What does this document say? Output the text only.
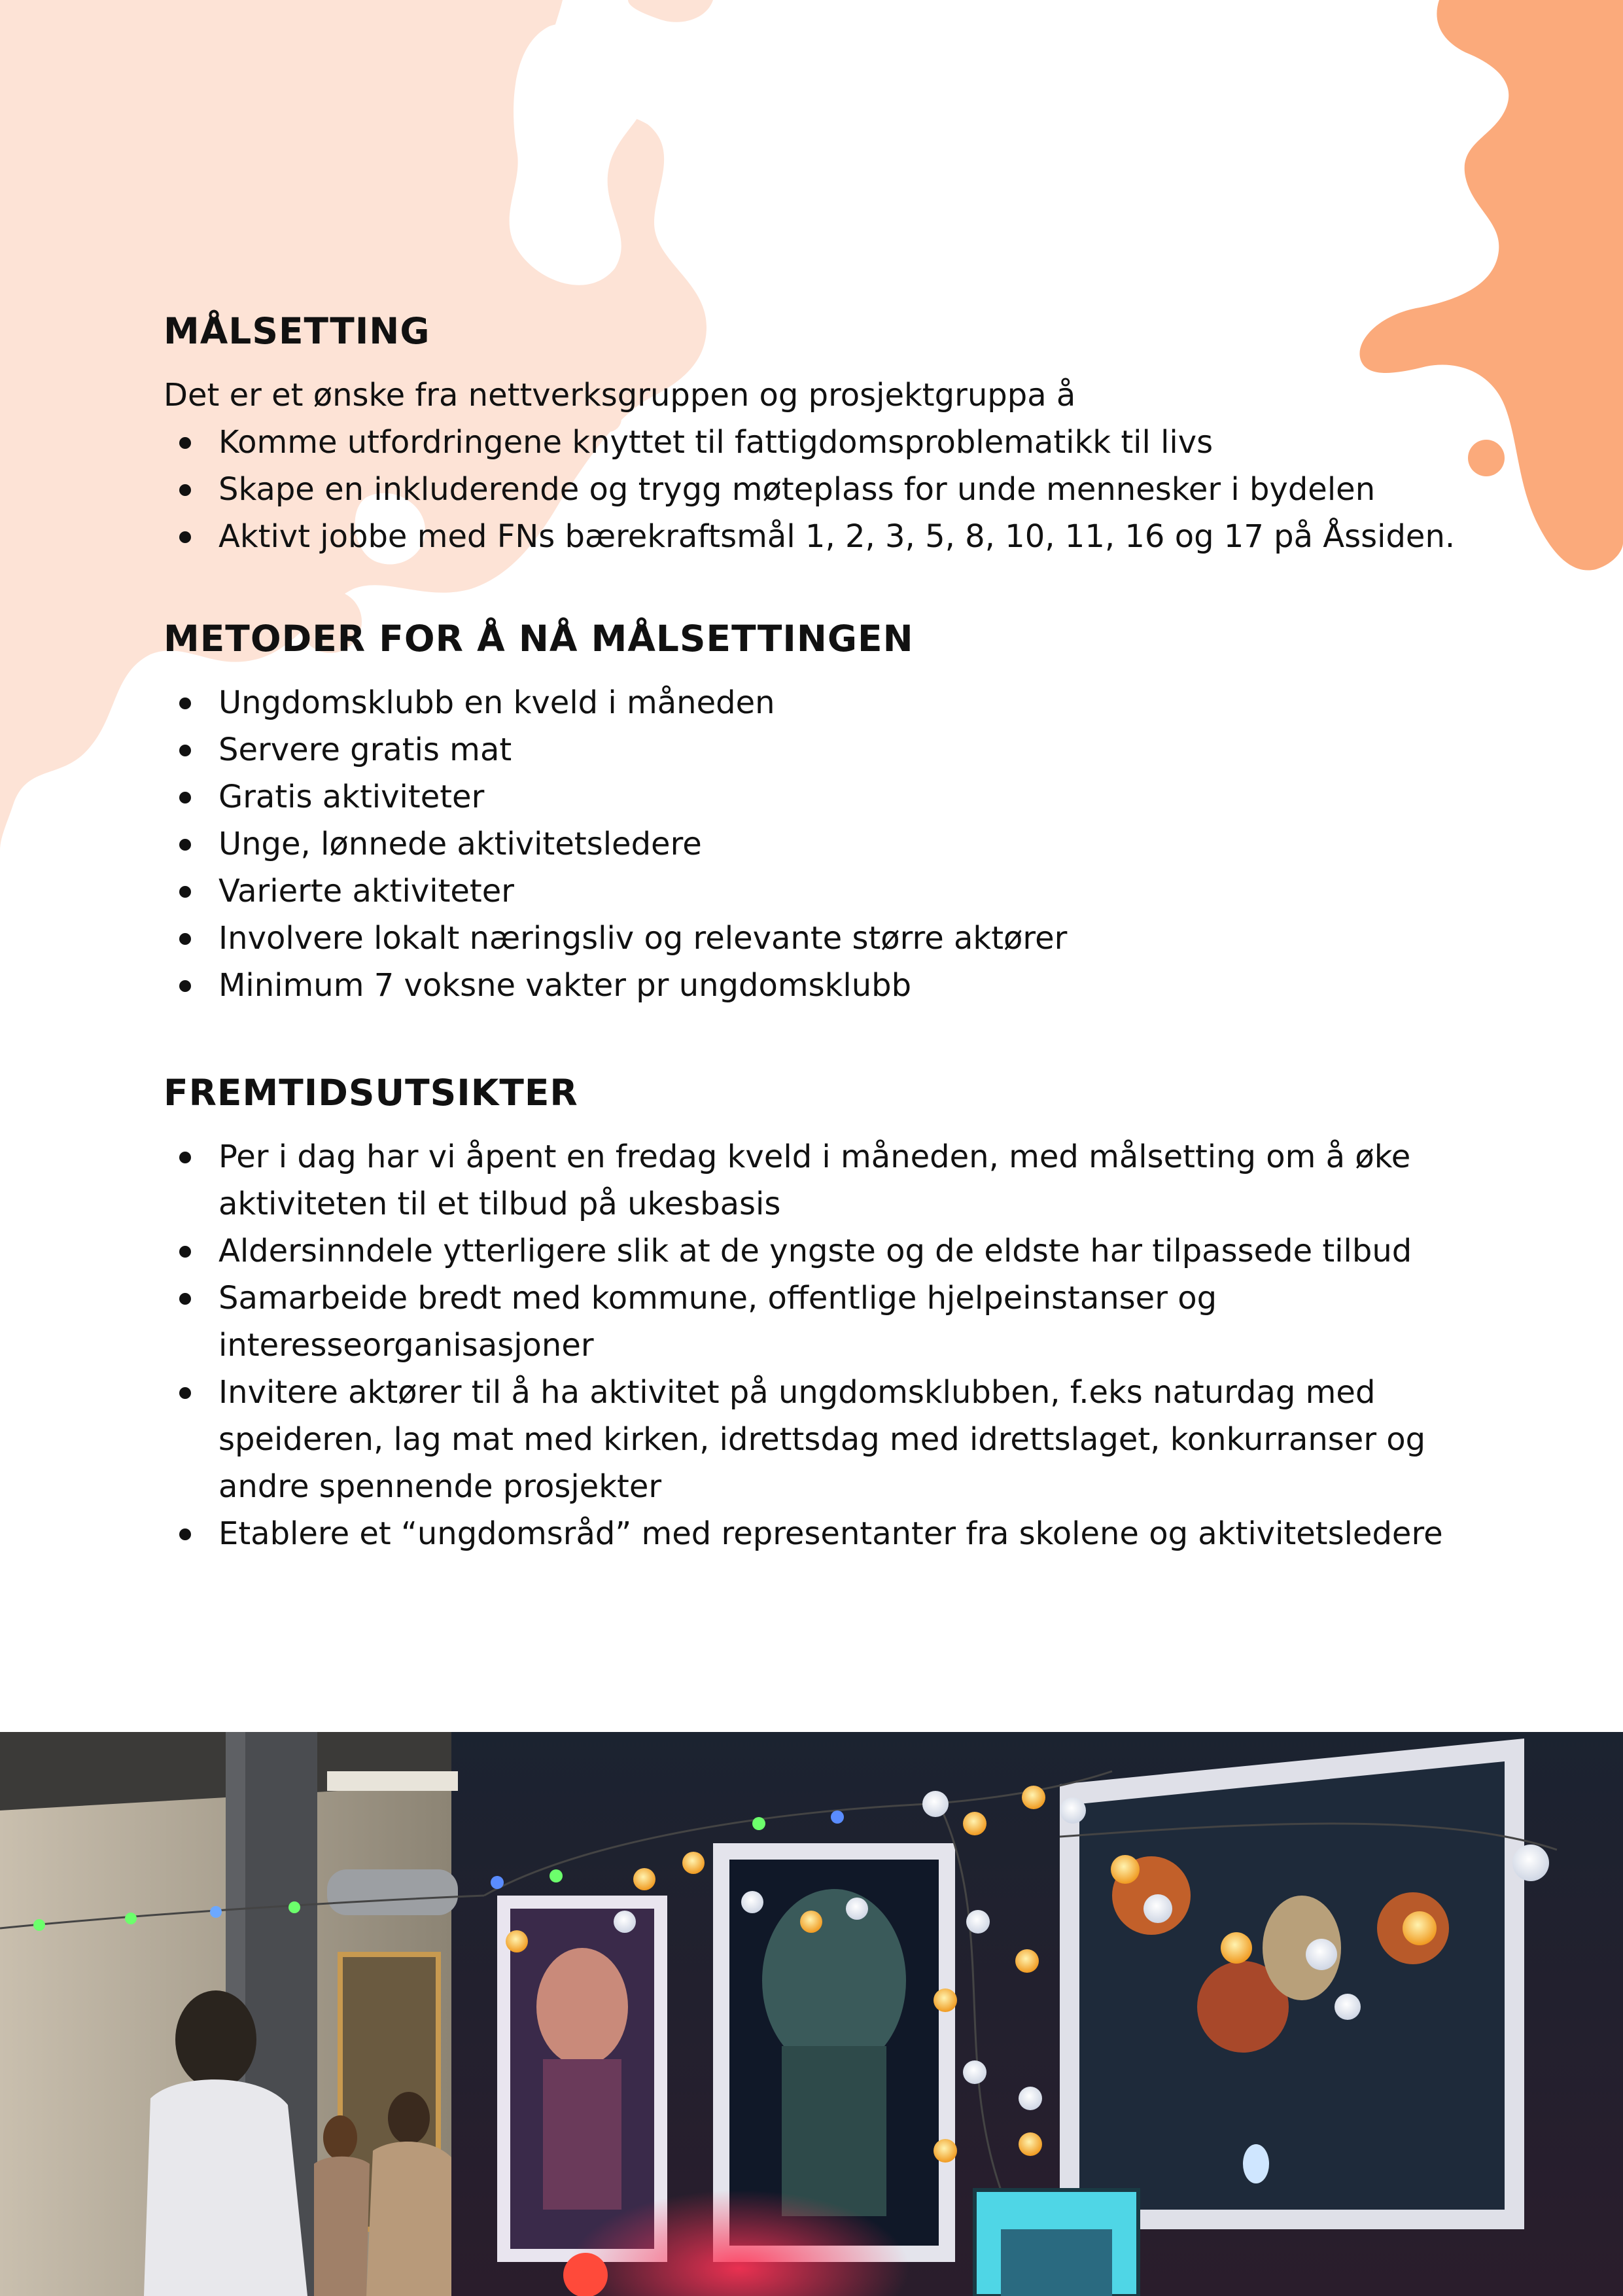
MÅLSETTING

Det er et ønske fra nettverksgruppen og prosjektgruppa å

Komme utfordringene knyttet til fattigdomsproblematikk til livs
Skape en inkluderende og trygg møteplass for unde mennesker i bydelen
Aktivt jobbe med FNs bærekraftsmål 1, 2, 3, 5, 8, 10, 11, 16 og 17 på Åssiden.
METODER FOR Å NÅ MÅLSETTINGEN
Ungdomsklubb en kveld i måneden
Servere gratis mat
Gratis aktiviteter
Unge, lønnede aktivitetsledere
Varierte aktiviteter
Involvere lokalt næringsliv og relevante større aktører
Minimum 7 voksne vakter pr ungdomsklubb
FREMTIDSUTSIKTER
Per i dag har vi åpent en fredag kveld i måneden, med målsetting om å øke aktiviteten til et tilbud på ukesbasis
Aldersinndele ytterligere slik at de yngste og de eldste har tilpassede tilbud
Samarbeide bredt med kommune, offentlige hjelpeinstanser og interesseorganisasjoner
Invitere aktører til å ha aktivitet på ungdomsklubben, f.eks naturdag med speideren, lag mat med kirken, idrettsdag med idrettslaget, konkurranser og andre spennende prosjekter
Etablere et “ungdomsråd” med representanter fra skolene og aktivitetsledere
